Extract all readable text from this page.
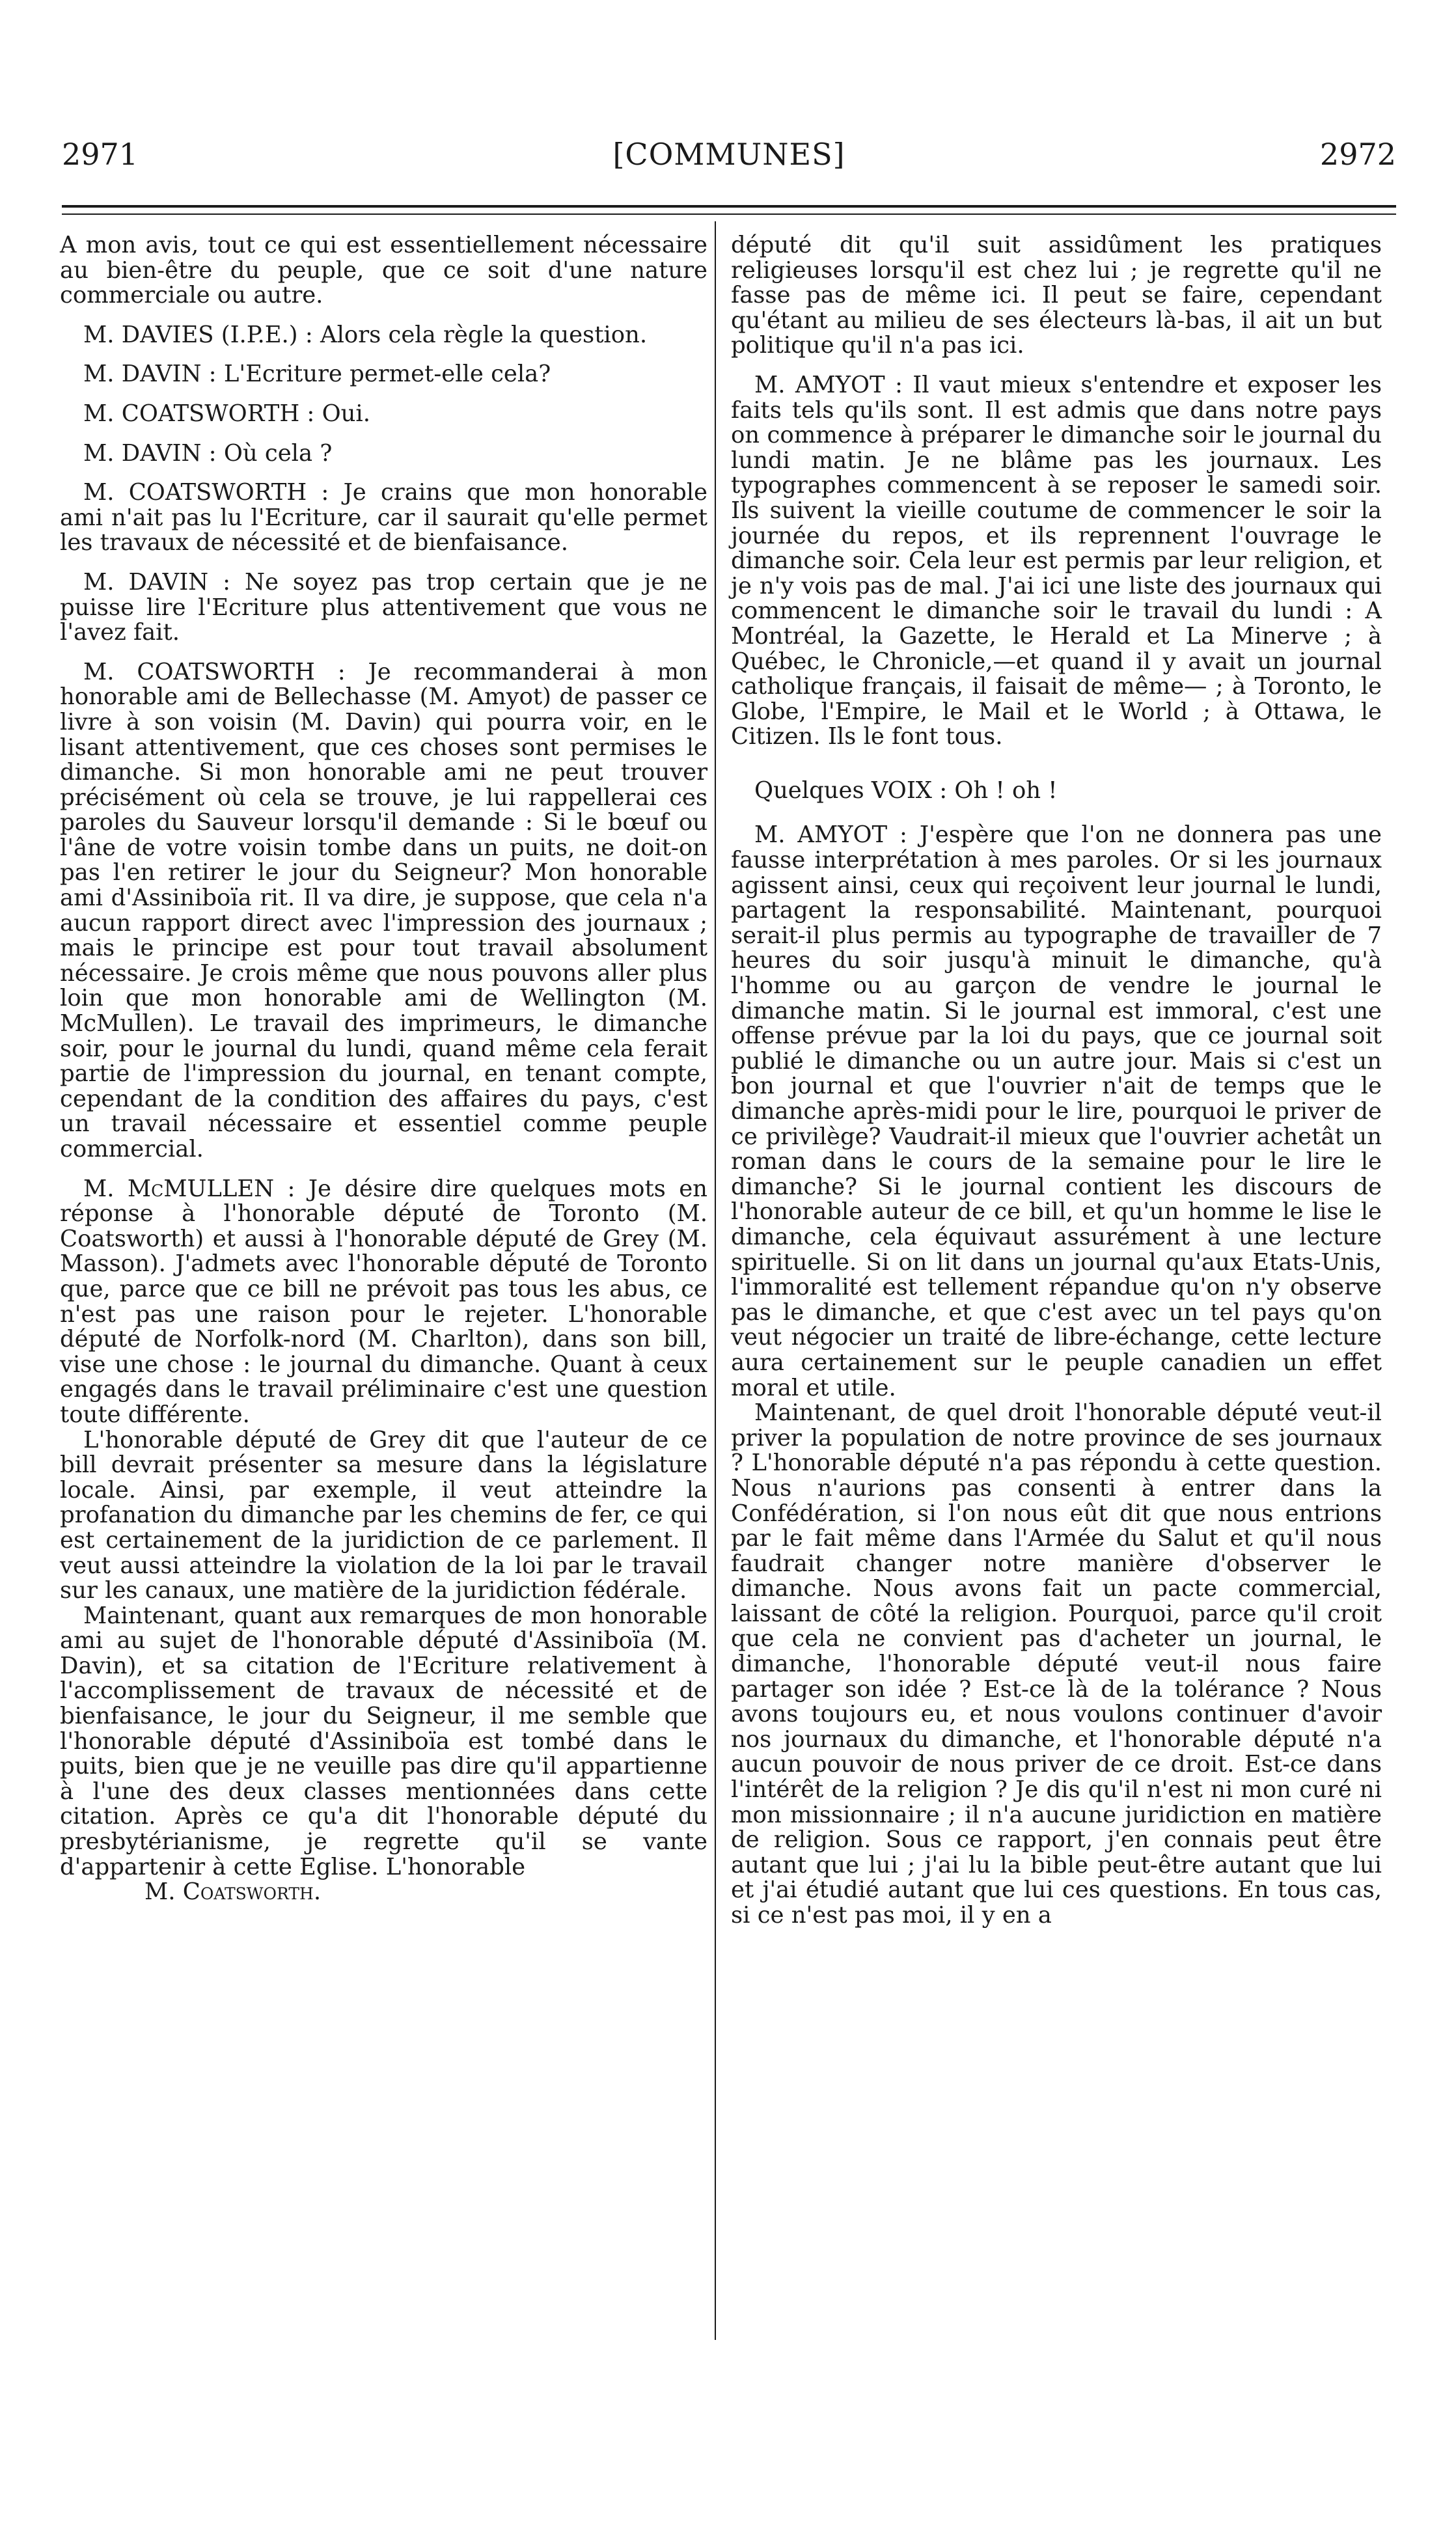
2971	[COMMUNES]	2972

A mon avis, tout ce qui est essentiellement nécessaire au bien-être du peuple, que ce soit d'une nature commerciale ou autre.

M. DAVIES (I.P.E.) : Alors cela règle la question.

M. DAVIN : L'Ecriture permet-elle cela?

M. COATSWORTH : Oui.

M. DAVIN : Où cela ?

M. COATSWORTH : Je crains que mon honorable ami n'ait pas lu l'Ecriture, car il saurait qu'elle permet les travaux de nécessité et de bienfaisance.

M. DAVIN : Ne soyez pas trop certain que je ne puisse lire l'Ecriture plus attentivement que vous ne l'avez fait.

M. COATSWORTH : Je recommanderai à mon honorable ami de Bellechasse (M. Amyot) de passer ce livre à son voisin (M. Davin) qui pourra voir, en le lisant attentivement, que ces choses sont permises le dimanche. Si mon honorable ami ne peut trouver précisément où cela se trouve, je lui rappellerai ces paroles du Sauveur lorsqu'il demande : Si le bœuf ou l'âne de votre voisin tombe dans un puits, ne doit-on pas l'en retirer le jour du Seigneur? Mon honorable ami d'Assiniboïa rit. Il va dire, je suppose, que cela n'a aucun rapport direct avec l'impression des journaux ; mais le principe est pour tout travail absolument nécessaire. Je crois même que nous pouvons aller plus loin que mon honorable ami de Wellington (M. McMullen). Le travail des imprimeurs, le dimanche soir, pour le journal du lundi, quand même cela ferait partie de l'impression du journal, en tenant compte, cependant de la condition des affaires du pays, c'est un travail nécessaire et essentiel comme peuple commercial.

M. McMULLEN : Je désire dire quelques mots en réponse à l'honorable député de Toronto (M. Coatsworth) et aussi à l'honorable député de Grey (M. Masson). J'admets avec l'honorable député de Toronto que, parce que ce bill ne prévoit pas tous les abus, ce n'est pas une raison pour le rejeter. L'honorable député de Norfolk-nord (M. Charlton), dans son bill, vise une chose : le journal du dimanche. Quant à ceux engagés dans le travail préliminaire c'est une question toute différente.

L'honorable député de Grey dit que l'auteur de ce bill devrait présenter sa mesure dans la législature locale. Ainsi, par exemple, il veut atteindre la profanation du dimanche par les chemins de fer, ce qui est certainement de la juridiction de ce parlement. Il veut aussi atteindre la violation de la loi par le travail sur les canaux, une matière de la juridiction fédérale.

Maintenant, quant aux remarques de mon honorable ami au sujet de l'honorable député d'Assiniboïa (M. Davin), et sa citation de l'Ecriture relativement à l'accomplissement de travaux de nécessité et de bienfaisance, le jour du Seigneur, il me semble que l'honorable député d'Assiniboïa est tombé dans le puits, bien que je ne veuille pas dire qu'il appartienne à l'une des deux classes mentionnées dans cette citation. Après ce qu'a dit l'honorable député du presbytérianisme, je regrette qu'il se vante d'appartenir à cette Eglise. L'honorable

M. Coatsworth.

député dit qu'il suit assidûment les pratiques religieuses lorsqu'il est chez lui ; je regrette qu'il ne fasse pas de même ici. Il peut se faire, cependant qu'étant au milieu de ses électeurs là-bas, il ait un but politique qu'il n'a pas ici.

M. AMYOT : Il vaut mieux s'entendre et exposer les faits tels qu'ils sont. Il est admis que dans notre pays on commence à préparer le dimanche soir le journal du lundi matin. Je ne blâme pas les journaux. Les typographes commencent à se reposer le samedi soir. Ils suivent la vieille coutume de commencer le soir la journée du repos, et ils reprennent l'ouvrage le dimanche soir. Cela leur est permis par leur religion, et je n'y vois pas de mal. J'ai ici une liste des journaux qui commencent le dimanche soir le travail du lundi : A Montréal, la Gazette, le Herald et La Minerve ; à Québec, le Chronicle,—et quand il y avait un journal catholique français, il faisait de même— ; à Toronto, le Globe, l'Empire, le Mail et le World ; à Ottawa, le Citizen. Ils le font tous.

Quelques VOIX : Oh ! oh !

M. AMYOT : J'espère que l'on ne donnera pas une fausse interprétation à mes paroles. Or si les journaux agissent ainsi, ceux qui reçoivent leur journal le lundi, partagent la responsabilité. Maintenant, pourquoi serait-il plus permis au typographe de travailler de 7 heures du soir jusqu'à minuit le dimanche, qu'à l'homme ou au garçon de vendre le journal le dimanche matin. Si le journal est immoral, c'est une offense prévue par la loi du pays, que ce journal soit publié le dimanche ou un autre jour. Mais si c'est un bon journal et que l'ouvrier n'ait de temps que le dimanche après-midi pour le lire, pourquoi le priver de ce privilège? Vaudrait-il mieux que l'ouvrier achetât un roman dans le cours de la semaine pour le lire le dimanche? Si le journal contient les discours de l'honorable auteur de ce bill, et qu'un homme le lise le dimanche, cela équivaut assurément à une lecture spirituelle. Si on lit dans un journal qu'aux Etats-Unis, l'immoralité est tellement répandue qu'on n'y observe pas le dimanche, et que c'est avec un tel pays qu'on veut négocier un traité de libre-échange, cette lecture aura certainement sur le peuple canadien un effet moral et utile.

Maintenant, de quel droit l'honorable député veut-il priver la population de notre province de ses journaux ? L'honorable député n'a pas répondu à cette question. Nous n'aurions pas consenti à entrer dans la Confédération, si l'on nous eût dit que nous entrions par le fait même dans l'Armée du Salut et qu'il nous faudrait changer notre manière d'observer le dimanche. Nous avons fait un pacte commercial, laissant de côté la religion. Pourquoi, parce qu'il croit que cela ne convient pas d'acheter un journal, le dimanche, l'honorable député veut-il nous faire partager son idée ? Est-ce là de la tolérance ? Nous avons toujours eu, et nous voulons continuer d'avoir nos journaux du dimanche, et l'honorable député n'a aucun pouvoir de nous priver de ce droit. Est-ce dans l'intérêt de la religion ? Je dis qu'il n'est ni mon curé ni mon missionnaire ; il n'a aucune juridiction en matière de religion. Sous ce rapport, j'en connais peut être autant que lui ; j'ai lu la bible peut-être autant que lui et j'ai étudié autant que lui ces questions. En tous cas, si ce n'est pas moi, il y en a
